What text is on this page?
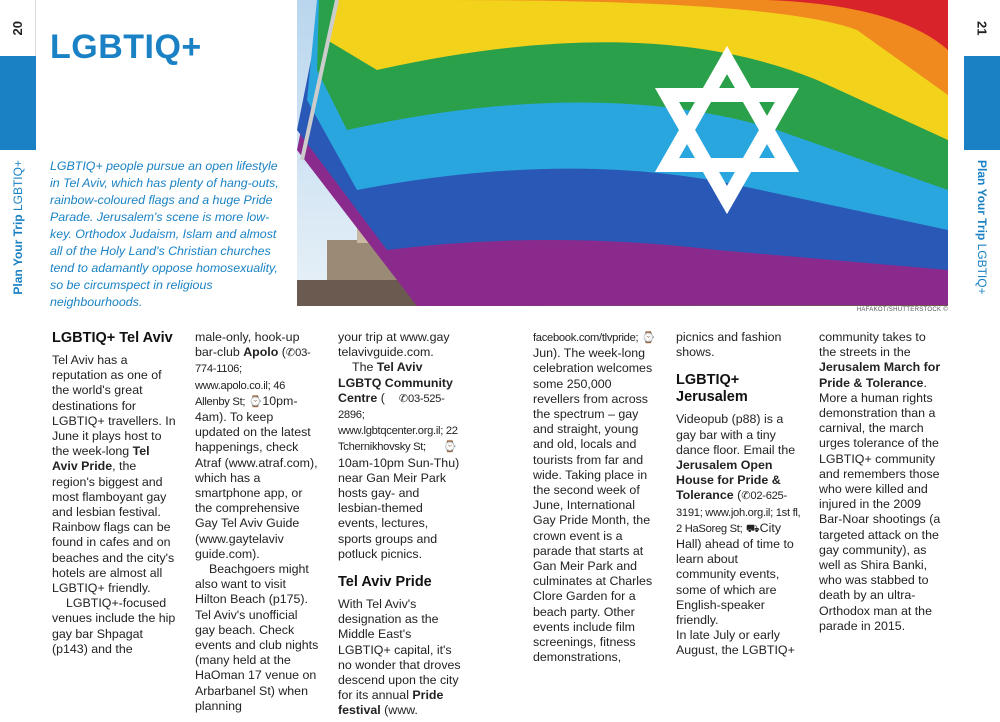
20	21
Plan Your Trip LGBTIQ+	Plan Your Trip LGBTIQ+
LGBTIQ+
LGBTIQ+ people pursue an open lifestyle in Tel Aviv, which has plenty of hang-outs, rainbow-coloured flags and a huge Pride Parade. Jerusalem's scene is more low-key. Orthodox Judaism, Islam and almost all of the Holy Land's Christian churches tend to adamantly oppose homosexuality, so be circumspect in religious neighbourhoods.
HAFAKOT/SHUTTERSTOCK ©
LGBTIQ+ Tel Aviv

Tel Aviv has a reputation as one of the world's great destinations for LGBTIQ+ travellers. In June it plays host to the week-long Tel Aviv Pride, the region's biggest and most flamboyant gay and lesbian festival. Rainbow flags can be found in cafes and on beaches and the city's hotels are almost all LGBTIQ+ friendly.

LGBTIQ+-focused venues include the hip gay bar Shpagat (p143) and the

male-only, hook-up bar-club Apolo (✆03-774-1106; www.apolo.co.il; 46 Allenby St; ⌚10pm-4am). To keep updated on the latest happenings, check Atraf (www.atraf.com), which has a smartphone app, or the comprehensive Gay Tel Aviv Guide (www.gaytelaviv guide.com).

Beachgoers might also want to visit Hilton Beach (p175). Tel Aviv's unofficial gay beach. Check events and club nights (many held at the HaOman 17 venue on Arbarbanel St) when planning

your trip at www.gay telavivguide.com.

The Tel Aviv LGBTQ Community Centre ( ✆03-525-2896; www.lgbtqcenter.org.il; 22 Tchernikhovsky St; ⌚10am-10pm Sun-Thu) near Gan Meir Park hosts gay- and lesbian-themed events, lectures, sports groups and potluck picnics.

Tel Aviv Pride

With Tel Aviv's designation as the Middle East's LGBTIQ+ capital, it's no wonder that droves descend upon the city for its annual Pride festival (www.

facebook.com/tlvpride; ⌚Jun). The week-long celebration welcomes some 250,000 revellers from across the spectrum – gay and straight, young and old, locals and tourists from far and wide. Taking place in the second week of June, International Gay Pride Month, the crown event is a parade that starts at Gan Meir Park and culminates at Charles Clore Garden for a beach party. Other events include film screenings, fitness demonstrations,

picnics and fashion shows.

LGBTIQ+ Jerusalem

Videopub (p88) is a gay bar with a tiny dance floor. Email the Jerusalem Open House for Pride & Tolerance (✆02-625-3191; www.joh.org.il; 1st fl, 2 HaSoreg St; ⛟City Hall) ahead of time to learn about community events, some of which are English-speaker friendly.

In late July or early August, the LGBTIQ+

community takes to the streets in the Jerusalem March for Pride & Tolerance. More a human rights demonstration than a carnival, the march urges tolerance of the LGBTIQ+ community and remembers those who were killed and injured in the 2009 Bar-Noar shootings (a targeted attack on the gay community), as well as Shira Banki, who was stabbed to death by an ultra-Orthodox man at the parade in 2015.
